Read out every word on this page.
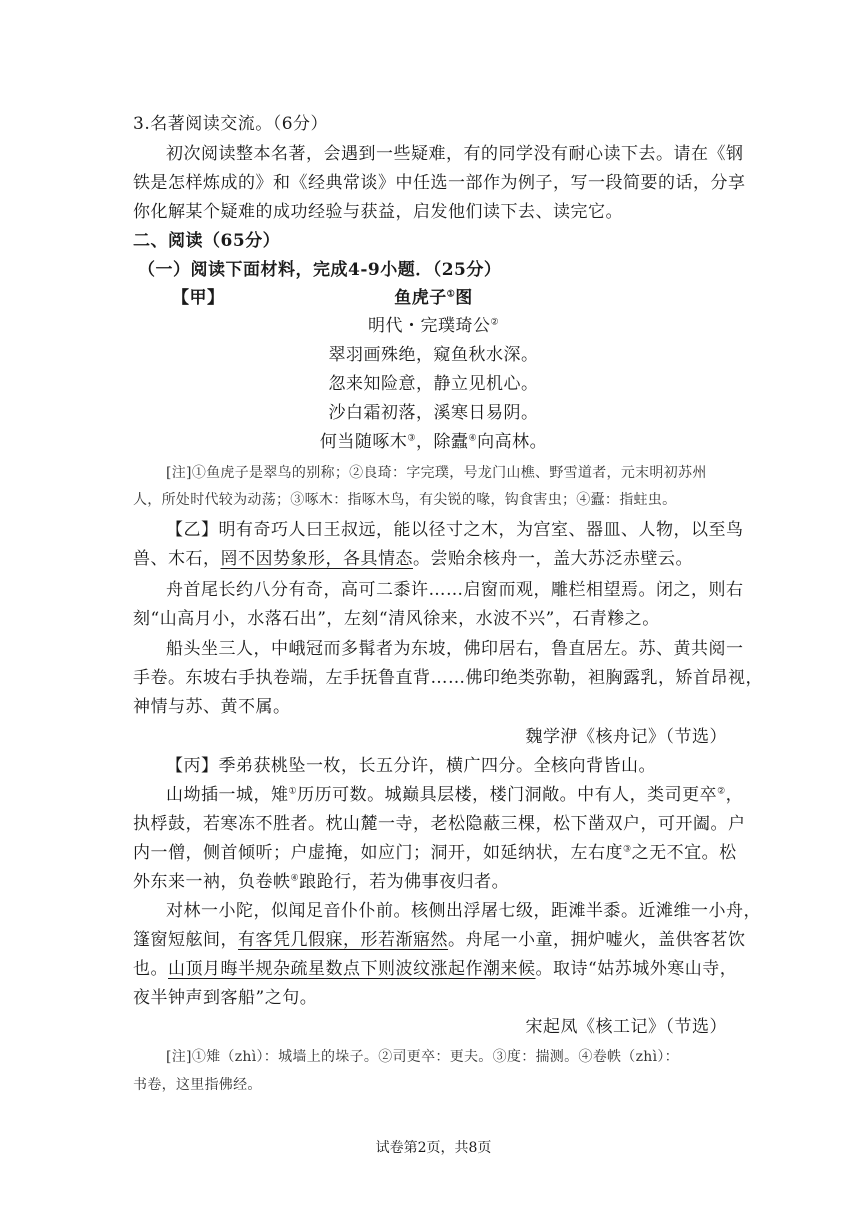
3.名著阅读交流。（6分）
初次阅读整本名著，会遇到一些疑难，有的同学没有耐心读下去。请在《钢
铁是怎样炼成的》和《经典常谈》中任选一部作为例子，写一段简要的话，分享
你化解某个疑难的成功经验与获益，启发他们读下去、读完它。
二、阅读（65分）
（一）阅读下面材料，完成4-9小题．（25分）
【甲】	鱼虎子①图
明代・完璞琦公②
翠羽画殊绝，窥鱼秋水深。
忽来知险意，静立见机心。
沙白霜初落，溪寒日易阴。
何当随啄木③，除蠹④向高林。
[注]①鱼虎子是翠鸟的别称；②良琦：字完璞，号龙门山樵、野雪道者，元末明初苏州
人，所处时代较为动荡；③啄木：指啄木鸟，有尖锐的喙，钩食害虫；④蠹：指蛀虫。
【乙】明有奇巧人曰王叔远，能以径寸之木，为宫室、器皿、人物，以至鸟
兽、木石，罔不因势象形，各具情态。尝贻余核舟一，盖大苏泛赤壁云。
舟首尾长约八分有奇，高可二黍许……启窗而观，雕栏相望焉。闭之，则右
刻“山高月小，水落石出”，左刻“清风徐来，水波不兴”，石青糁之。
船头坐三人，中峨冠而多髯者为东坡，佛印居右，鲁直居左。苏、黄共阅一
手卷。东坡右手执卷端，左手抚鲁直背……佛印绝类弥勒，袒胸露乳，矫首昂视，
神情与苏、黄不属。
魏学洢《核舟记》（节选）
【丙】季弟获桃坠一枚，长五分许，横广四分。全核向背皆山。
山坳插一城，雉①历历可数。城巅具层楼，楼门洞敞。中有人，类司更卒②，
执桴鼓，若寒冻不胜者。枕山麓一寺，老松隐蔽三棵，松下凿双户，可开阖。户
内一僧，侧首倾听；户虚掩，如应门；洞开，如延纳状，左右度③之无不宜。松
外东来一衲，负卷帙④踉跄行，若为佛事夜归者。
对林一小陀，似闻足音仆仆前。核侧出浮屠七级，距滩半黍。近滩维一小舟，
篷窗短舷间，有客凭几假寐，形若渐寤然。舟尾一小童，拥炉嘘火，盖供客茗饮
也。山顶月晦半规杂疏星数点下则波纹涨起作潮来候。取诗“姑苏城外寒山寺，
夜半钟声到客船”之句。
宋起凤《核工记》（节选）
[注]①雉（zhì）：城墙上的垛子。②司更卒：更夫。③度：揣测。④卷帙（zhì）：
书卷，这里指佛经。
试卷第2页，共8页
